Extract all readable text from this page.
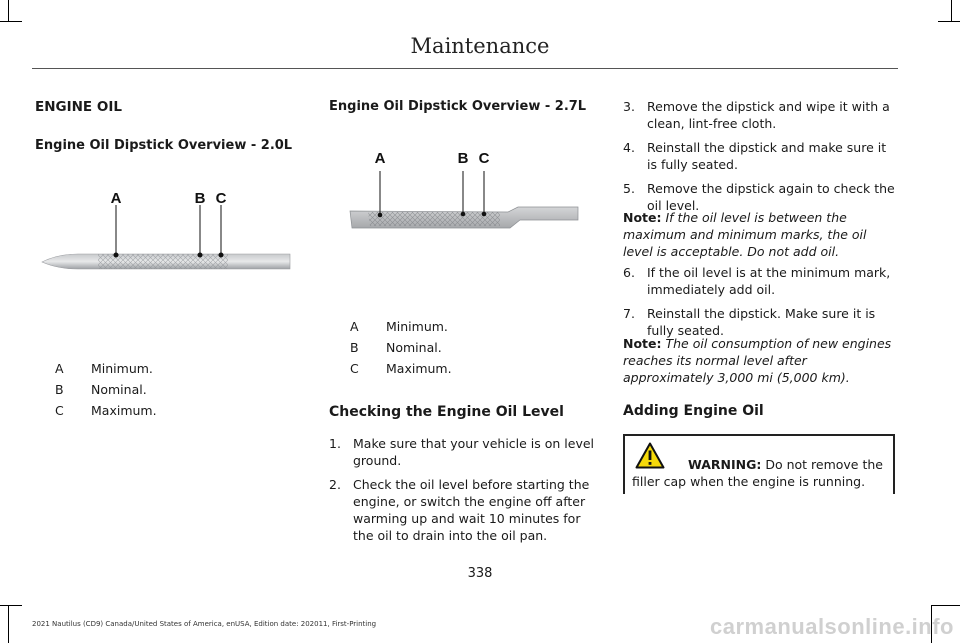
Maintenance
ENGINE OIL
Engine Oil Dipstick Overview - 2.0L
A	B C
A	Minimum.
B	Nominal.
C	Maximum.
Engine Oil Dipstick Overview - 2.7L
A	B C
A	Minimum.
B	Nominal.
C	Maximum.
Checking the Engine Oil Level
1. Make sure that your vehicle is on level ground.
2. Check the oil level before starting the engine, or switch the engine off after warming up and wait 10 minutes for the oil to drain into the oil pan.
3. Remove the dipstick and wipe it with a clean, lint-free cloth.
4. Reinstall the dipstick and make sure it is fully seated.
5. Remove the dipstick again to check the oil level.
Note: If the oil level is between the maximum and minimum marks, the oil level is acceptable. Do not add oil.
6. If the oil level is at the minimum mark, immediately add oil.
7. Reinstall the dipstick. Make sure it is fully seated.
Note: The oil consumption of new engines reaches its normal level after approximately 3,000 mi (5,000 km).
Adding Engine Oil
WARNING: Do not remove the filler cap when the engine is running.
338
2021 Nautilus (CD9) Canada/United States of America, enUSA, Edition date: 202011, First-Printing	carmanualsonline.info
